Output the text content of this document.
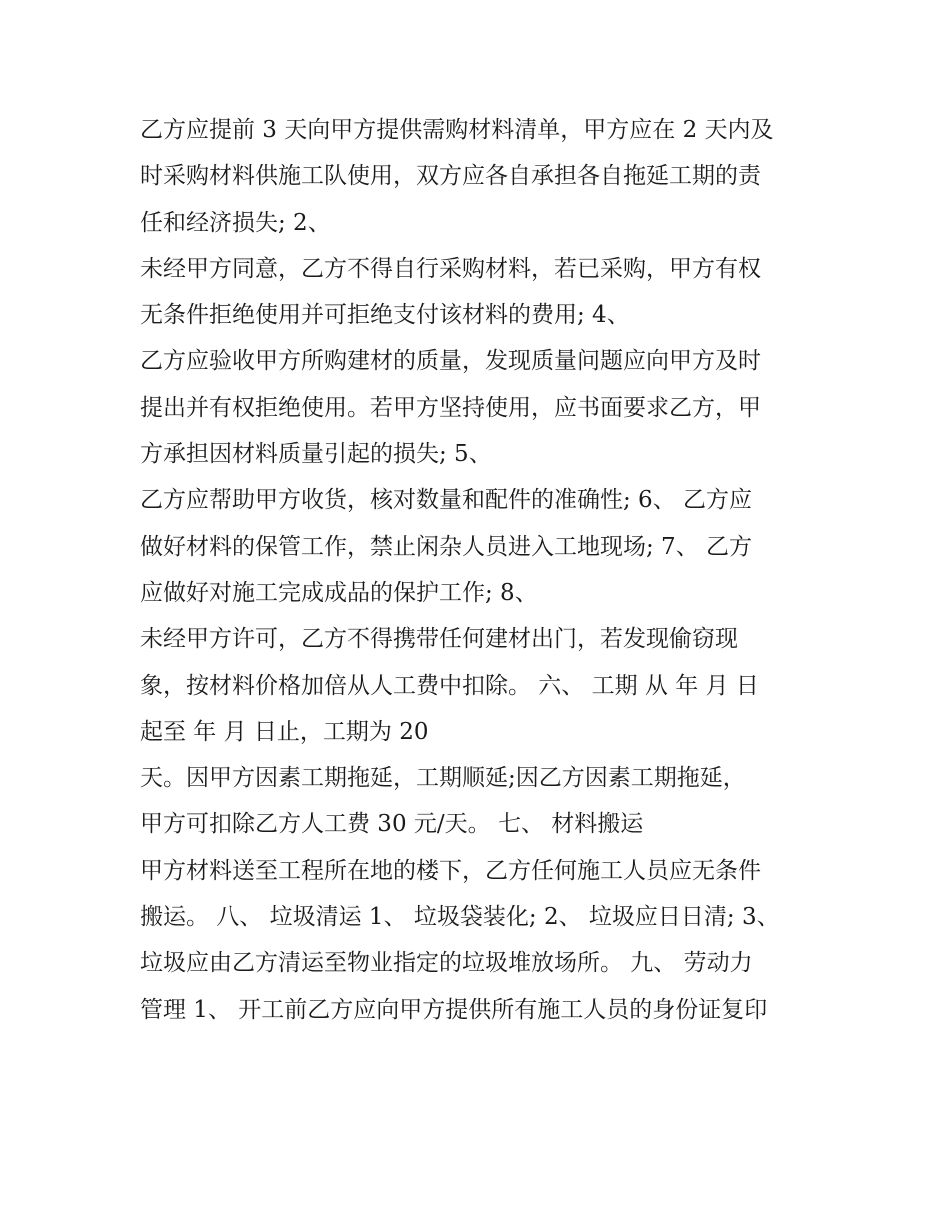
乙方应提前 3 天向甲方提供需购材料清单，甲方应在 2 天内及
时采购材料供施工队使用，双方应各自承担各自拖延工期的责
任和经济损失; 2、
未经甲方同意，乙方不得自行采购材料，若已采购，甲方有权
无条件拒绝使用并可拒绝支付该材料的费用; 4、
乙方应验收甲方所购建材的质量，发现质量问题应向甲方及时
提出并有权拒绝使用。若甲方坚持使用，应书面要求乙方，甲
方承担因材料质量引起的损失; 5、
乙方应帮助甲方收货，核对数量和配件的准确性; 6、 乙方应
做好材料的保管工作，禁止闲杂人员进入工地现场; 7、 乙方
应做好对施工完成成品的保护工作; 8、
未经甲方许可，乙方不得携带任何建材出门，若发现偷窃现
象，按材料价格加倍从人工费中扣除。 六、 工期 从 年 月 日
起至 年 月 日止，工期为 20
天。因甲方因素工期拖延，工期顺延;因乙方因素工期拖延，
甲方可扣除乙方人工费 30 元/天。 七、 材料搬运
甲方材料送至工程所在地的楼下，乙方任何施工人员应无条件
搬运。 八、 垃圾清运 1、 垃圾袋装化; 2、 垃圾应日日清; 3、
垃圾应由乙方清运至物业指定的垃圾堆放场所。 九、 劳动力
管理 1、 开工前乙方应向甲方提供所有施工人员的身份证复印
